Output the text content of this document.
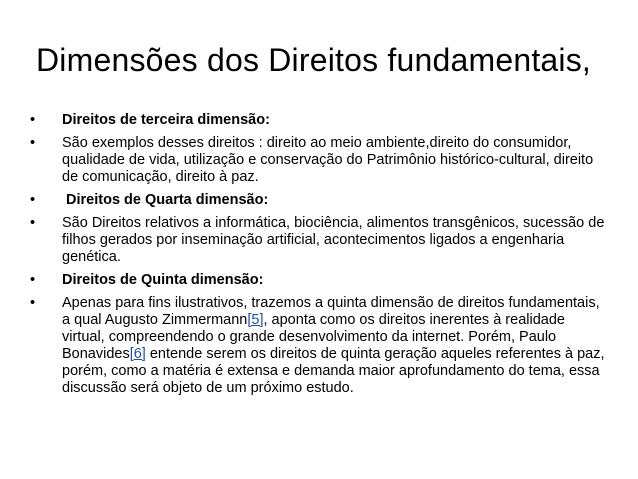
Dimensões dos Direitos fundamentais,
•	Direitos de terceira dimensão:
•	São exemplos desses direitos : direito ao meio ambiente,direito do consumidor, qualidade de vida, utilização e conservação do Patrimônio histórico-cultural, direito de comunicação, direito à paz.
•	Direitos de Quarta dimensão:
•	São Direitos relativos a informática, biociência, alimentos transgênicos, sucessão de filhos gerados por inseminação artificial, acontecimentos ligados a engenharia genética.
•	Direitos de Quinta dimensão:
•	Apenas para fins ilustrativos, trazemos a quinta dimensão de direitos fundamentais, a qual Augusto Zimmermann[5], aponta como os direitos inerentes à realidade virtual, compreendendo o grande desenvolvimento da internet. Porém, Paulo Bonavides[6] entende serem os direitos de quinta geração aqueles referentes à paz, porém, como a matéria é extensa e demanda maior aprofundamento do tema, essa discussão será objeto de um próximo estudo.
